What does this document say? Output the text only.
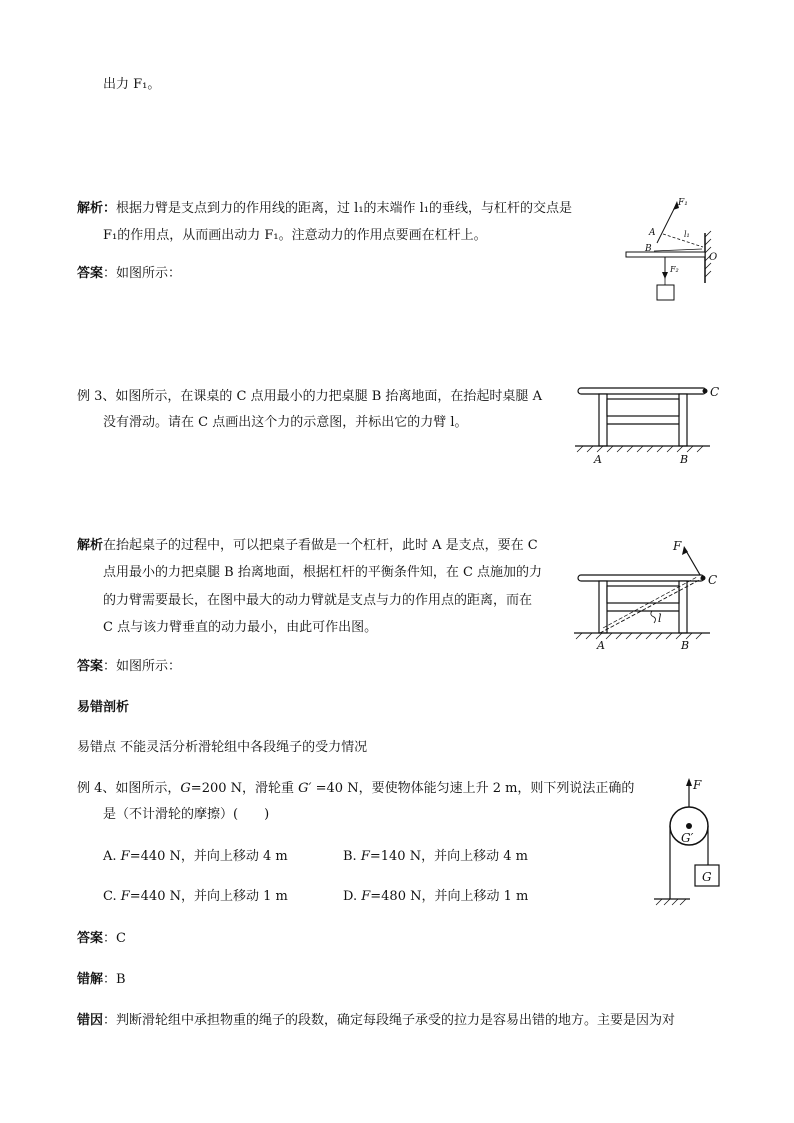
出力 F₁。
解析：根据力臂是支点到力的作用线的距离，过 l₁的末端作 l₁的垂线，与杠杆的交点是
F₁的作用点，从而画出动力 F₁。注意动力的作用点要画在杠杆上。
答案：如图所示：
F₁
A	l₁
B
O
F₂
例 3、如图所示，在课桌的 C 点用最小的力把桌腿 B 抬离地面，在抬起时桌腿 A
没有滑动。请在 C 点画出这个力的示意图，并标出它的力臂 l。
C
A	B
解析在抬起桌子的过程中，可以把桌子看做是一个杠杆，此时 A 是支点，要在 C
点用最小的力把桌腿 B 抬离地面，根据杠杆的平衡条件知，在 C 点施加的力
的力臂需要最长，在图中最大的动力臂就是支点与力的作用点的距离，而在
C 点与该力臂垂直的动力最小，由此可作出图。
F
C
l
A	B
答案：如图所示：
易错剖析
易错点 不能灵活分析滑轮组中各段绳子的受力情况
例 4、如图所示，G=200 N，滑轮重 G′ =40 N，要使物体能匀速上升 2 m，则下列说法正确的
是（不计滑轮的摩擦）(　　)
A. F=440 N，并向上移动 4 m	B. F=140 N，并向上移动 4 m
C. F=440 N，并向上移动 1 m	D. F=480 N，并向上移动 1 m
F
G′
G
答案：C
错解：B
错因：判断滑轮组中承担物重的绳子的段数，确定每段绳子承受的拉力是容易出错的地方。主要是因为对
